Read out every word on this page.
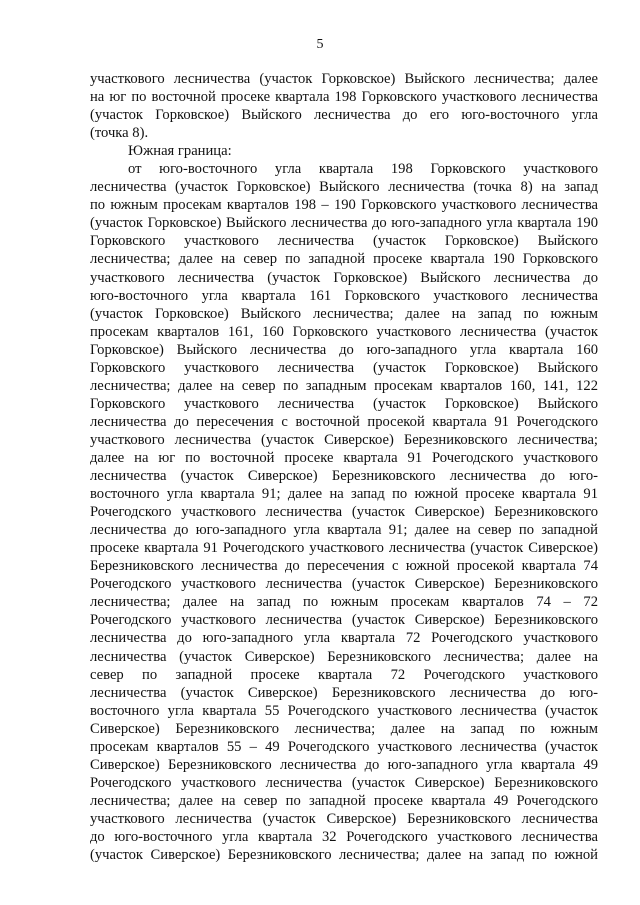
5
участкового лесничества (участок Горковское) Выйского лесничества; далее
на юг по восточной просеке квартала 198 Горковского участкового лесничества
(участок Горковское) Выйского лесничества до его юго-восточного угла
(точка 8).
Южная граница:
от юго-восточного угла квартала 198 Горковского участкового
лесничества (участок Горковское) Выйского лесничества (точка 8) на запад
по южным просекам кварталов 198 – 190 Горковского участкового лесничества
(участок Горковское) Выйского лесничества до юго-западного угла квартала 190
Горковского участкового лесничества (участок Горковское) Выйского
лесничества; далее на север по западной просеке квартала 190 Горковского
участкового лесничества (участок Горковское) Выйского лесничества до
юго-восточного угла квартала 161 Горковского участкового лесничества
(участок Горковское) Выйского лесничества; далее на запад по южным
просекам кварталов 161, 160 Горковского участкового лесничества (участок
Горковское) Выйского лесничества до юго-западного угла квартала 160
Горковского участкового лесничества (участок Горковское) Выйского
лесничества; далее на север по западным просекам кварталов 160, 141, 122
Горковского участкового лесничества (участок Горковское) Выйского
лесничества до пересечения с восточной просекой квартала 91 Рочегодского
участкового лесничества (участок Сиверское) Березниковского лесничества;
далее на юг по восточной просеке квартала 91 Рочегодского участкового
лесничества (участок Сиверское) Березниковского лесничества до юго-
восточного угла квартала 91; далее на запад по южной просеке квартала 91
Рочегодского участкового лесничества (участок Сиверское) Березниковского
лесничества до юго-западного угла квартала 91; далее на север по западной
просеке квартала 91 Рочегодского участкового лесничества (участок Сиверское)
Березниковского лесничества до пересечения с южной просекой квартала 74
Рочегодского участкового лесничества (участок Сиверское) Березниковского
лесничества; далее на запад по южным просекам кварталов 74 – 72
Рочегодского участкового лесничества (участок Сиверское) Березниковского
лесничества до юго-западного угла квартала 72 Рочегодского участкового
лесничества (участок Сиверское) Березниковского лесничества; далее на
север по западной просеке квартала 72 Рочегодского участкового
лесничества (участок Сиверское) Березниковского лесничества до юго-
восточного угла квартала 55 Рочегодского участкового лесничества (участок
Сиверское) Березниковского лесничества; далее на запад по южным
просекам кварталов 55 – 49 Рочегодского участкового лесничества (участок
Сиверское) Березниковского лесничества до юго-западного угла квартала 49
Рочегодского участкового лесничества (участок Сиверское) Березниковского
лесничества; далее на север по западной просеке квартала 49 Рочегодского
участкового лесничества (участок Сиверское) Березниковского лесничества
до юго-восточного угла квартала 32 Рочегодского участкового лесничества
(участок Сиверское) Березниковского лесничества; далее на запад по южной
